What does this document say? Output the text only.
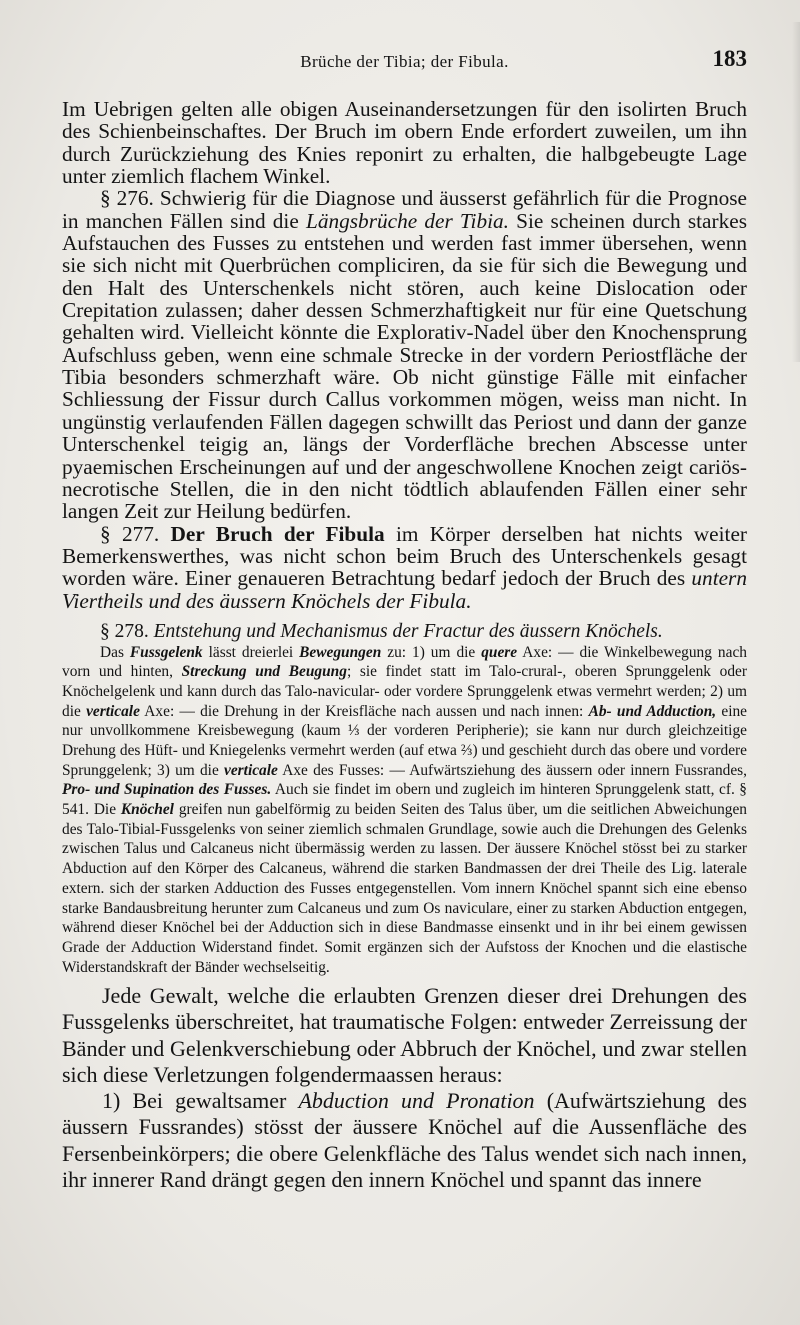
Brüche der Tibia; der Fibula.	183

Im Uebrigen gelten alle obigen Auseinandersetzungen für den isolirten Bruch des Schienbeinschaftes. Der Bruch im obern Ende erfordert zuweilen, um ihn durch Zurückziehung des Knies reponirt zu erhalten, die halbgebeugte Lage unter ziemlich flachem Winkel.

§ 276. Schwierig für die Diagnose und äusserst gefährlich für die Prognose in manchen Fällen sind die Längsbrüche der Tibia. Sie scheinen durch starkes Aufstauchen des Fusses zu entstehen und werden fast immer übersehen, wenn sie sich nicht mit Querbrüchen compliciren, da sie für sich die Bewegung und den Halt des Unterschenkels nicht stören, auch keine Dislocation oder Crepitation zulassen; daher dessen Schmerzhaftigkeit nur für eine Quetschung gehalten wird. Vielleicht könnte die Explorativ-Nadel über den Knochensprung Aufschluss geben, wenn eine schmale Strecke in der vordern Periostfläche der Tibia besonders schmerzhaft wäre. Ob nicht günstige Fälle mit einfacher Schliessung der Fissur durch Callus vorkommen mögen, weiss man nicht. In ungünstig verlaufenden Fällen dagegen schwillt das Periost und dann der ganze Unterschenkel teigig an, längs der Vorderfläche brechen Abscesse unter pyaemischen Erscheinungen auf und der angeschwollene Knochen zeigt cariös-necrotische Stellen, die in den nicht tödtlich ablaufenden Fällen einer sehr langen Zeit zur Heilung bedürfen.

§ 277. Der Bruch der Fibula im Körper derselben hat nichts weiter Bemerkenswerthes, was nicht schon beim Bruch des Unterschenkels gesagt worden wäre. Einer genaueren Betrachtung bedarf jedoch der Bruch des untern Viertheils und des äussern Knöchels der Fibula.

§ 278. Entstehung und Mechanismus der Fractur des äussern Knöchels.

Das Fussgelenk lässt dreierlei Bewegungen zu: 1) um die quere Axe: — die Winkelbewegung nach vorn und hinten, Streckung und Beugung; sie findet statt im Talo-crural-, oberen Sprunggelenk oder Knöchelgelenk und kann durch das Talo-navicular- oder vordere Sprunggelenk etwas vermehrt werden; 2) um die verticale Axe: — die Drehung in der Kreisfläche nach aussen und nach innen: Ab- und Adduction, eine nur unvollkommene Kreisbewegung (kaum ⅓ der vorderen Peripherie); sie kann nur durch gleichzeitige Drehung des Hüft- und Kniegelenks vermehrt werden (auf etwa ⅔) und geschieht durch das obere und vordere Sprunggelenk; 3) um die verticale Axe des Fusses: — Aufwärtsziehung des äussern oder innern Fussrandes, Pro- und Supination des Fusses. Auch sie findet im obern und zugleich im hinteren Sprunggelenk statt, cf. § 541. Die Knöchel greifen nun gabelförmig zu beiden Seiten des Talus über, um die seitlichen Abweichungen des Talo-Tibial-Fussgelenks von seiner ziemlich schmalen Grundlage, sowie auch die Drehungen des Gelenks zwischen Talus und Calcaneus nicht übermässig werden zu lassen. Der äussere Knöchel stösst bei zu starker Abduction auf den Körper des Calcaneus, während die starken Bandmassen der drei Theile des Lig. laterale extern. sich der starken Adduction des Fusses entgegenstellen. Vom innern Knöchel spannt sich eine ebenso starke Bandausbreitung herunter zum Calcaneus und zum Os naviculare, einer zu starken Abduction entgegen, während dieser Knöchel bei der Adduction sich in diese Bandmasse einsenkt und in ihr bei einem gewissen Grade der Adduction Widerstand findet. Somit ergänzen sich der Aufstoss der Knochen und die elastische Widerstandskraft der Bänder wechselseitig.

Jede Gewalt, welche die erlaubten Grenzen dieser drei Drehungen des Fussgelenks überschreitet, hat traumatische Folgen: entweder Zerreissung der Bänder und Gelenkverschiebung oder Abbruch der Knöchel, und zwar stellen sich diese Verletzungen folgendermaassen heraus:

1) Bei gewaltsamer Abduction und Pronation (Aufwärtsziehung des äussern Fussrandes) stösst der äussere Knöchel auf die Aussenfläche des Fersenbeinkörpers; die obere Gelenkfläche des Talus wendet sich nach innen, ihr innerer Rand drängt gegen den innern Knöchel und spannt das innere
